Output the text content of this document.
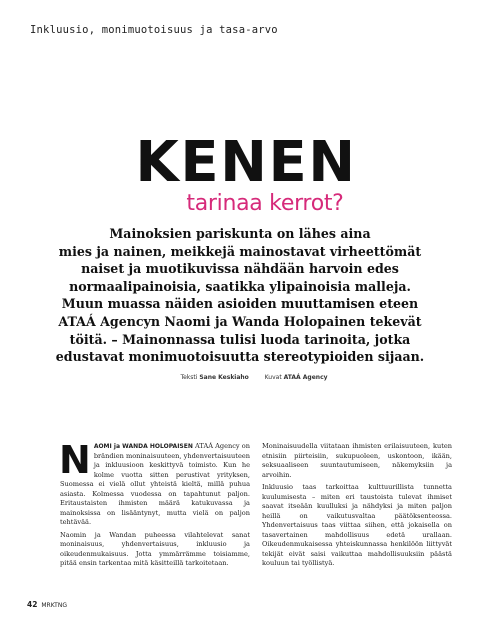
Inkluusio, monimuotoisuus ja tasa-arvo
KENEN
tarinaa kerrot?
Mainoksien pariskunta on lähes aina
mies ja nainen, meikkejä mainostavat virheettömät
naiset ja muotikuvissa nähdään harvoin edes
normaalipainoisia, saatikka ylipainoisia malleja.
Muun muassa näiden asioiden muuttamisen eteen
ATAÁ Agencyn Naomi ja Wanda Holopainen tekevät
töitä. – Mainonnassa tulisi luoda tarinoita, jotka
edustavat monimuotoisuutta stereotypioiden sijaan.
Teksti Sane Keskiaho	Kuvat ATAÁ Agency

NAOMI ja WANDA HOLOPAISEN ATAÁ Agency on brändien moninaisuuteen, yhdenvertaisuuteen ja inkluusioon keskittyvä toimisto. Kun he kolme vuotta sitten perustivat yrityksen, Suomessa ei vielä ollut yhteistä kieltä, millä puhua asiasta. Kolmessa vuodessa on tapahtunut paljon. Eritaustaisten ihmisten määrä katukuvassa ja mainoksissa on lisääntynyt, mutta vielä on paljon tehtävää.

Naomin ja Wandan puheessa vilahtelevat sanat moninaisuus, yhdenvertaisuus, inkluusio ja oikeudenmukaisuus. Jotta ymmärrämme toisiamme, pitää ensin tarkentaa mitä käsitteillä tarkoitetaan.

Moninaisuudella viitataan ihmisten erilaisuuteen, kuten etnisiin piirteisiin, sukupuoleen, uskontoon, ikään, seksuaaliseen suuntautumiseen, näkemyksiin ja arvoihin.

Inkluusio taas tarkoittaa kulttuurillista tunnetta kuulumisesta – miten eri taustoista tulevat ihmiset saavat itseään kuulluksi ja nähdyksi ja miten paljon heillä on vaikutusvaltaa päätöksenteossa. Yhdenvertaisuus taas viittaa siihen, että jokaisella on tasavertainen mahdollisuus edetä urallaan. Oikeudenmukaisessa yhteiskunnassa henkilöön liittyvät tekijät eivät saisi vaikuttaa mahdollisuuksiin päästä kouluun tai työllistyä.

42 MRKTNG
